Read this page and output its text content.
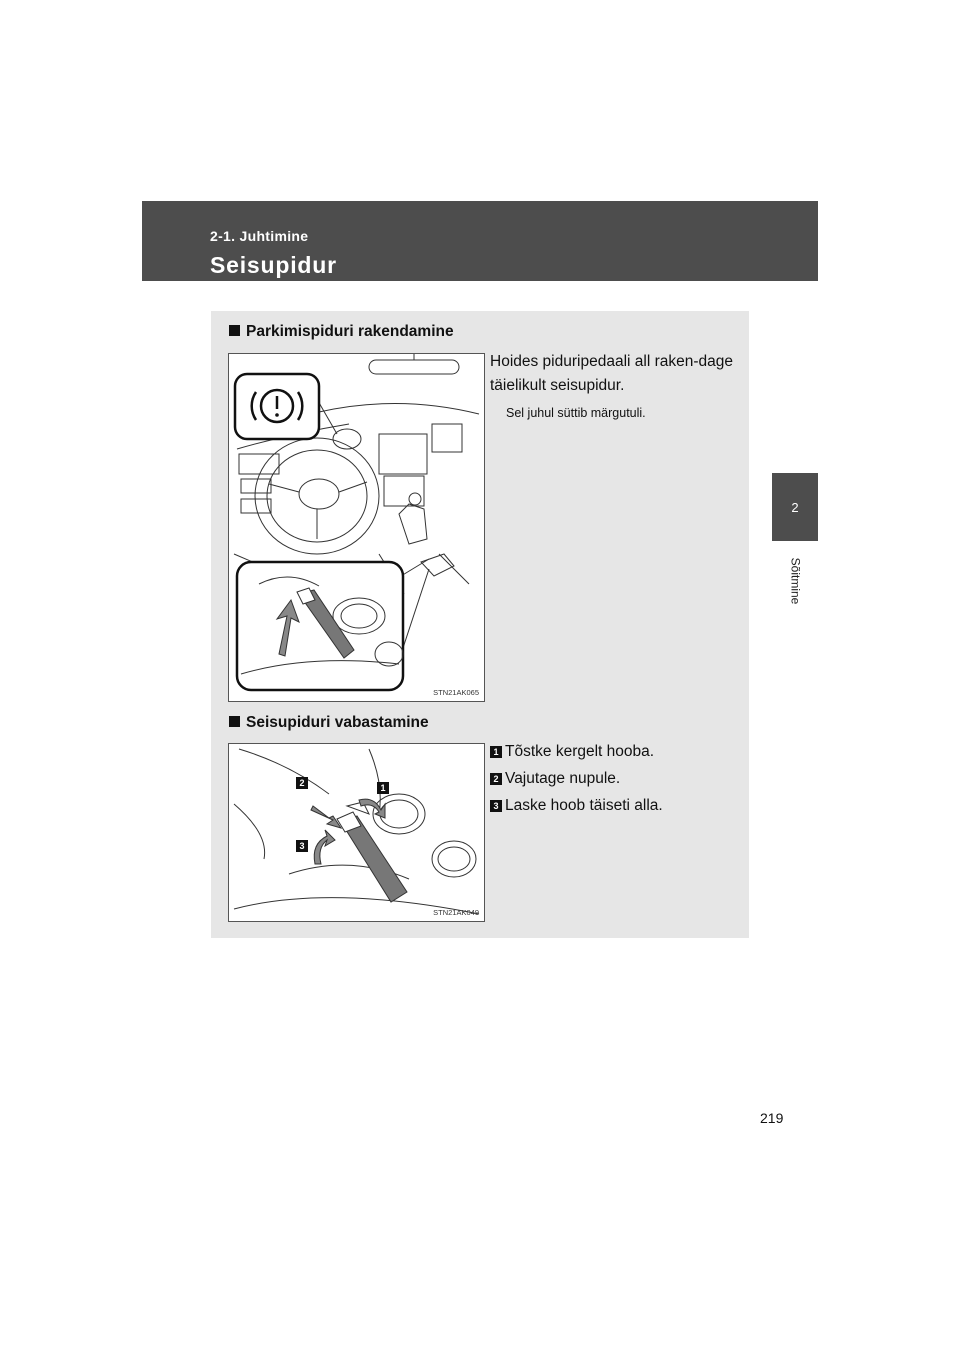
2-1. Juhtimine
Seisupidur
2
Sõitmine
Parkimispiduri rakendamine
Hoides piduripedaali all raken-dage täielikult seisupidur.
Sel juhul süttib märgutuli.
STN21AK065
Seisupiduri vabastamine
2	1
3
STN21AK049
1 Tõstke kergelt hooba.
2 Vajutage nupule.
3 Laske hoob täiseti alla.
219
